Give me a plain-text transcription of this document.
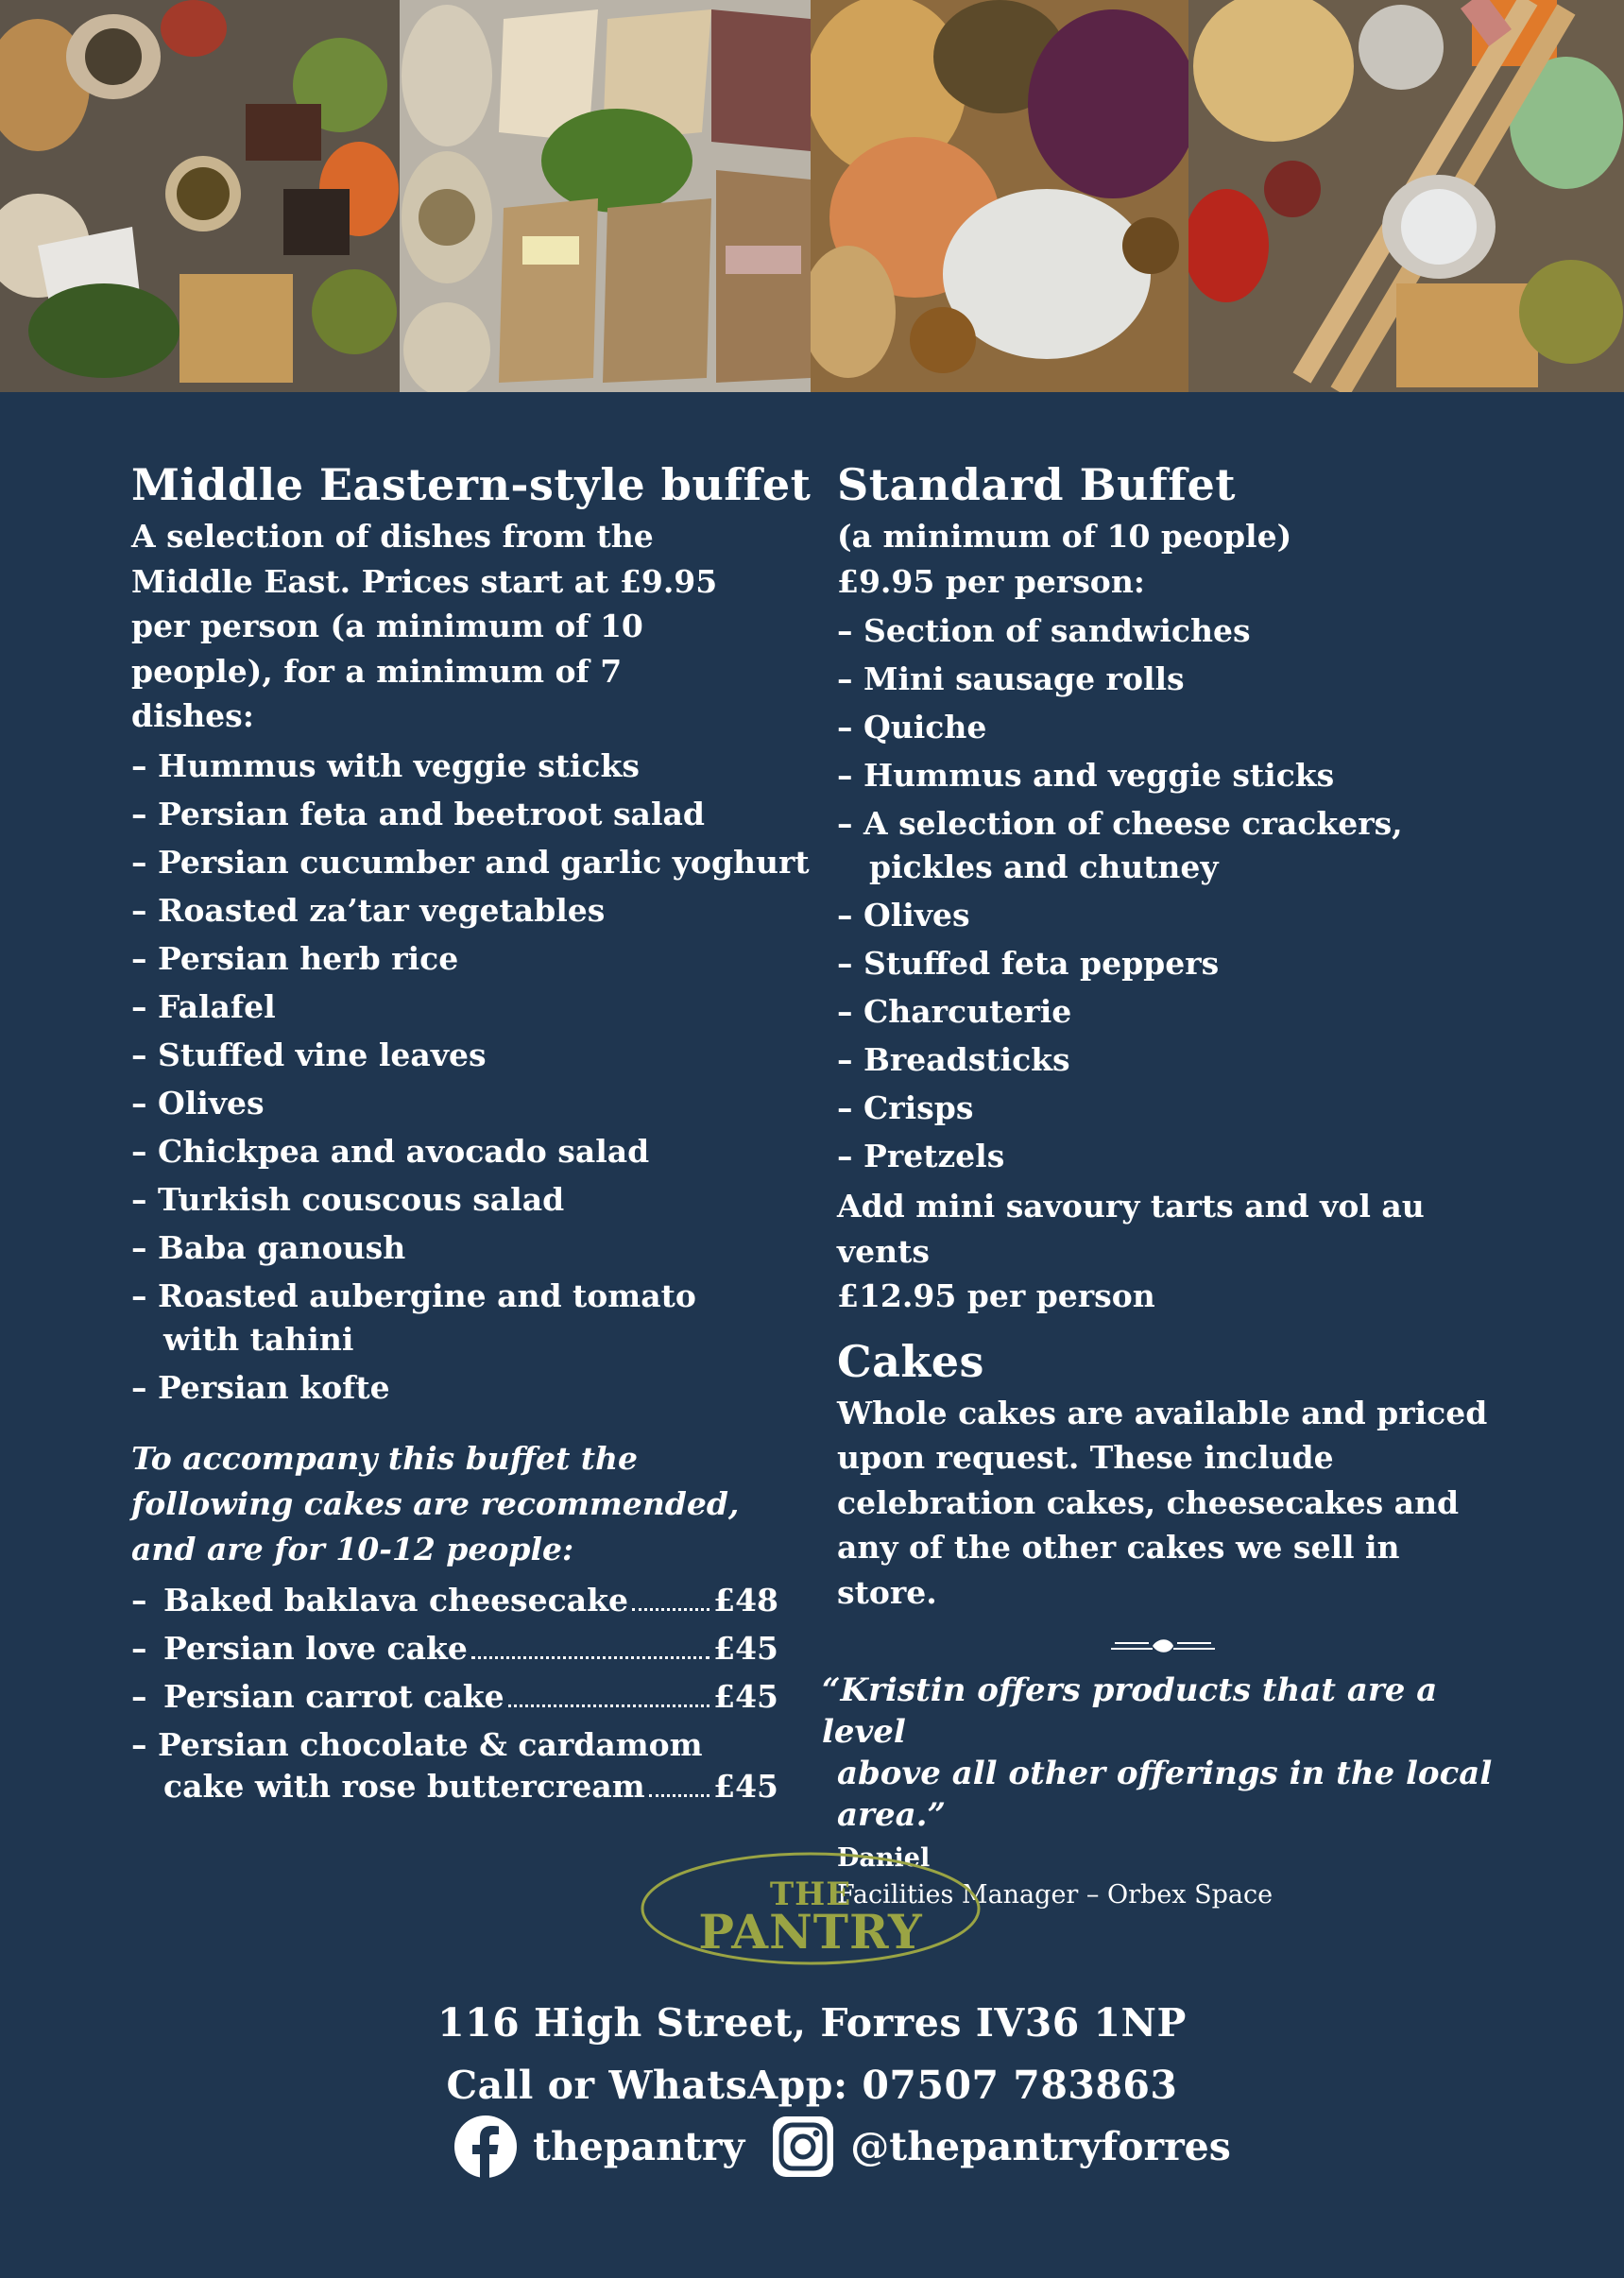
Middle Eastern-style buffet

A selection of dishes from the Middle East. Prices start at £9.95 per person (a minimum of 10 people), for a minimum of 7 dishes:

– Hummus with veggie sticks
– Persian feta and beetroot salad
– Persian cucumber and garlic yoghurt
– Roasted za’tar vegetables
– Persian herb rice
– Falafel
– Stuffed vine leaves
– Olives
– Chickpea and avocado salad
– Turkish couscous salad
– Baba ganoush
– Roasted aubergine and tomato with tahini
– Persian kofte

To accompany this buffet the following cakes are recommended, and are for 10-12 people:

– Baked baklava cheesecake	£48
– Persian love cake	£45
– Persian carrot cake	£45
– Persian chocolate & cardamom
cake with rose buttercream £45
Standard Buffet

(a minimum of 10 people)

£9.95 per person:

– Section of sandwiches
– Mini sausage rolls
– Quiche
– Hummus and veggie sticks
– A selection of cheese crackers, pickles and chutney
– Olives
– Stuffed feta peppers
– Charcuterie
– Breadsticks
– Crisps
– Pretzels

Add mini savoury tarts and vol au vents

£12.95 per person

Cakes

Whole cakes are available and priced upon request. These include celebration cakes, cheesecakes and any of the other cakes we sell in store.

“Kristin offers products that are a level

above all other offerings in the local area.”

Daniel

Facilities Manager – Orbex Space

THE
PANTRY

116 High Street, Forres IV36 1NP

Call or WhatsApp: 07507 783863

thepantry	@thepantryforres
